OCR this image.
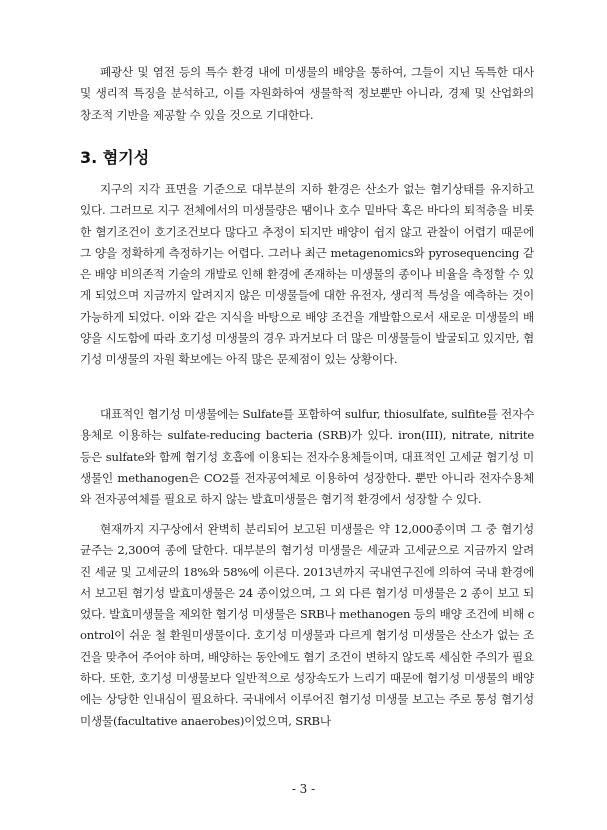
폐광산 및 염전 등의 특수 환경 내에 미생물의 배양을 통하여, 그들이 지닌 독특한 대사 및 생리적 특징을 분석하고, 이를 자원화하여 생물학적 정보뿐만 아니라, 경제 및 산업화의 창조적 기반을 제공할 수 있을 것으로 기대한다.

3. 혐기성

지구의 지각 표면을 기준으로 대부분의 지하 환경은 산소가 없는 혐기상태를 유지하고 있다. 그러므로 지구 전체에서의 미생물량은 땜이나 호수 밑바닥 혹은 바다의 퇴적층을 비롯한 혐기조건이 호기조건보다 많다고 추정이 되지만 배양이 쉽지 않고 관찰이 어렵기 때문에 그 양을 정확하게 측정하기는 어렵다. 그러나 최근 metagenomics와 pyrosequencing 같은 배양 비의존적 기술의 개발로 인해 환경에 존재하는 미생물의 종이나 비율을 측정할 수 있게 되었으며 지금까지 알려지지 않은 미생물들에 대한 유전자, 생리적 특성을 예측하는 것이 가능하게 되었다. 이와 같은 지식을 바탕으로 배양 조건을 개발함으로서 새로운 미생물의 배양을 시도함에 따라 호기성 미생물의 경우 과거보다 더 많은 미생물들이 발굴되고 있지만, 혐기성 미생물의 자원 확보에는 아직 많은 문제점이 있는 상황이다.

대표적인 혐기성 미생물에는 Sulfate를 포함하여 sulfur, thiosulfate, sulfite를 전자수용체로 이용하는 sulfate-reducing bacteria (SRB)가 있다. iron(III), nitrate, nitrite 등은 sulfate와 함께 혐기성 호흡에 이용되는 전자수용체들이며, 대표적인 고세균 혐기성 미생물인 methanogen은 CO2를 전자공여체로 이용하여 성장한다. 뿐만 아니라 전자수용체와 전자공여체를 필요로 하지 않는 발효미생물은 혐기적 환경에서 성장할 수 있다.

현재까지 지구상에서 완벽히 분리되어 보고된 미생물은 약 12,000종이며 그 중 혐기성 균주는 2,300여 종에 달한다. 대부분의 혐기성 미생물은 세균과 고세균으로 지금까지 알려진 세균 및 고세균의 18%와 58%에 이른다. 2013년까지 국내연구진에 의하여 국내 환경에서 보고된 혐기성 발효미생물은 24 종이었으며, 그 외 다른 혐기성 미생물은 2 종이 보고 되었다. 발효미생물을 제외한 혐기성 미생물은 SRB나 methanogen 등의 배양 조건에 비해 control이 쉬운 철 환원미생물이다. 호기성 미생물과 다르게 혐기성 미생물은 산소가 없는 조건을 맞추어 주어야 하며, 배양하는 동안에도 혐기 조건이 변하지 않도록 세심한 주의가 필요하다. 또한, 호기성 미생물보다 일반적으로 성장속도가 느리기 때문에 혐기성 미생물의 배양에는 상당한 인내심이 필요하다. 국내에서 이루어진 혐기성 미생물 보고는 주로 통성 혐기성 미생물(facultative anaerobes)이었으며, SRB나

- 3 -
